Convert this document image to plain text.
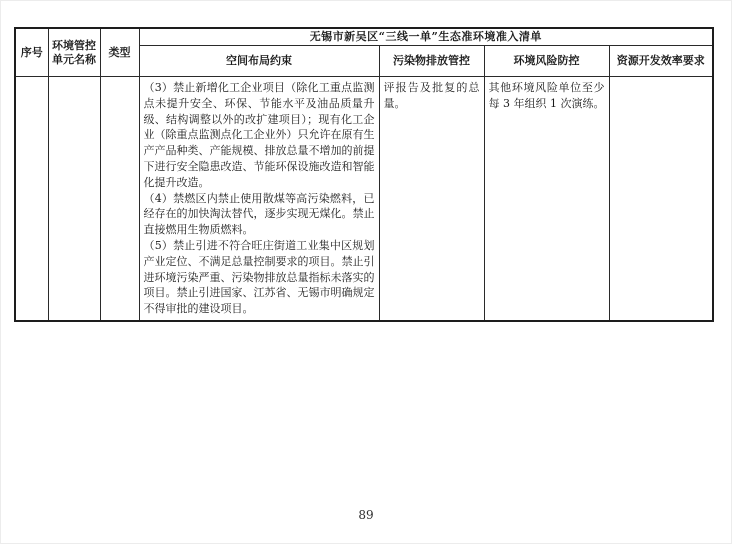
序号	环境管控单元名称	类型	无锡市新吴区“三线一单”生态准环境准入清单			
			空间布局约束	污染物排放管控	环境风险防控	资源开发效率要求

			（3）禁止新增化工企业项目（除化工重点监测点未提升安全、环保、节能水平及油品质量升级、结构调整以外的改扩建项目）；现有化工企业（除重点监测点化工企业外）只允许在原有生产产品种类、产能规模、排放总量不增加的前提下进行安全隐患改造、节能环保设施改造和智能化提升改造。

（4）禁燃区内禁止使用散煤等高污染燃料，已经存在的加快淘汰替代，逐步实现无煤化。禁止直接燃用生物质燃料。

（5）禁止引进不符合旺庄街道工业集中区规划产业定位、不满足总量控制要求的项目。禁止引进环境污染严重、污染物排放总量指标未落实的项目。禁止引进国家、江苏省、无锡市明确规定不得审批的建设项目。	评报告及批复的总量。	其他环境风险单位至少每 3 年组织 1 次演练。	
89
